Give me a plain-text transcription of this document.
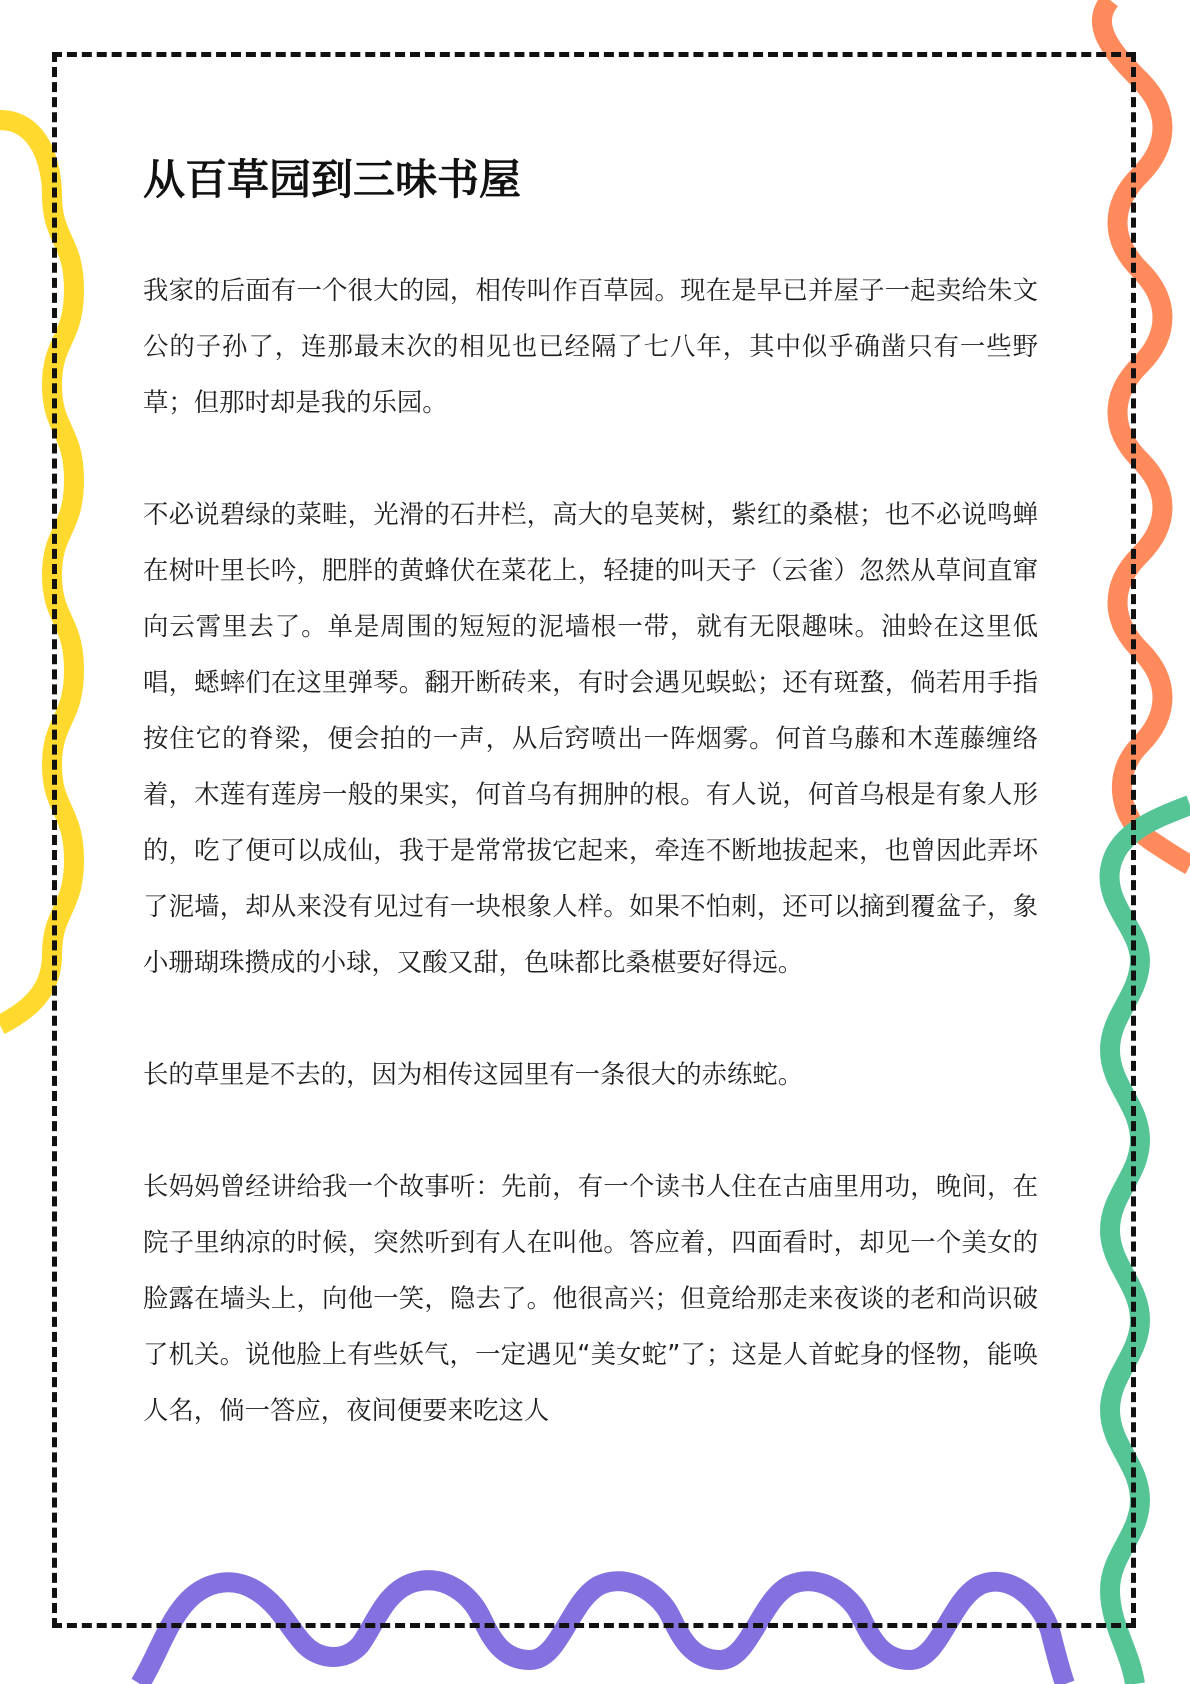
从百草园到三味书屋

我家的后面有一个很大的园，相传叫作百草园。现在是早已并屋子一起卖给朱文公的子孙了，连那最末次的相见也已经隔了七八年，其中似乎确凿只有一些野草；但那时却是我的乐园。

不必说碧绿的菜畦，光滑的石井栏，高大的皂荚树，紫红的桑椹；也不必说鸣蝉在树叶里长吟，肥胖的黄蜂伏在菜花上，轻捷的叫天子（云雀）忽然从草间直窜向云霄里去了。单是周围的短短的泥墙根一带，就有无限趣味。油蛉在这里低唱，蟋蟀们在这里弹琴。翻开断砖来，有时会遇见蜈蚣；还有斑蝥，倘若用手指按住它的脊梁，便会拍的一声，从后窍喷出一阵烟雾。何首乌藤和木莲藤缠络着，木莲有莲房一般的果实，何首乌有拥肿的根。有人说，何首乌根是有象人形的，吃了便可以成仙，我于是常常拔它起来，牵连不断地拔起来，也曾因此弄坏了泥墙，却从来没有见过有一块根象人样。如果不怕刺，还可以摘到覆盆子，象小珊瑚珠攒成的小球，又酸又甜，色味都比桑椹要好得远。

长的草里是不去的，因为相传这园里有一条很大的赤练蛇。

长妈妈曾经讲给我一个故事听：先前，有一个读书人住在古庙里用功，晚间，在院子里纳凉的时候，突然听到有人在叫他。答应着，四面看时，却见一个美女的脸露在墙头上，向他一笑，隐去了。他很高兴；但竟给那走来夜谈的老和尚识破了机关。说他脸上有些妖气，一定遇见“美女蛇”了；这是人首蛇身的怪物，能唤人名，倘一答应，夜间便要来吃这人
